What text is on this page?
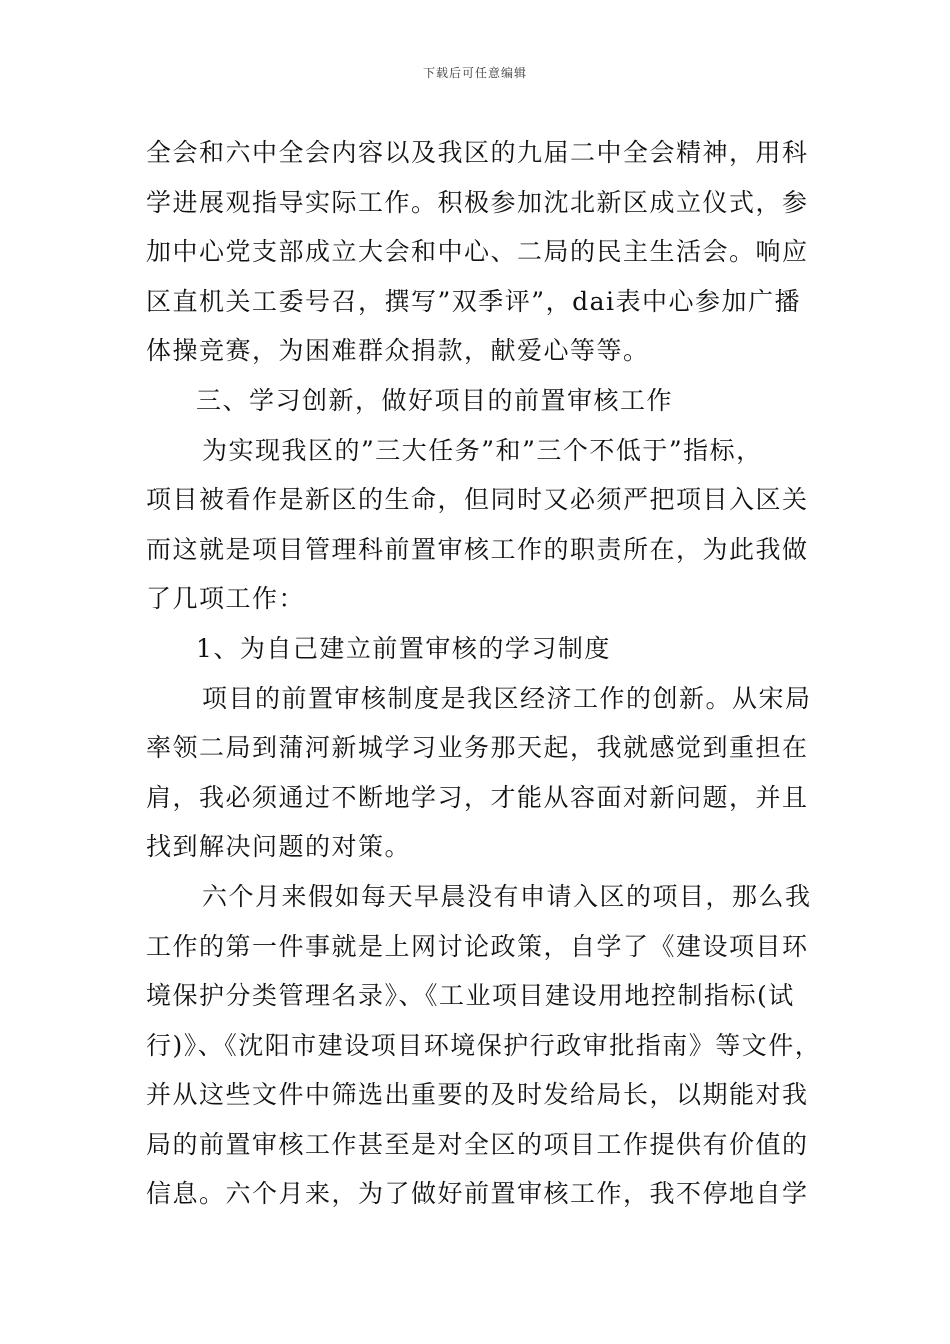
下载后可任意编辑
全会和六中全会内容以及我区的九届二中全会精神，用科
学进展观指导实际工作。积极参加沈北新区成立仪式，参
加中心党支部成立大会和中心、二局的民主生活会。响应
区直机关工委号召，撰写”双季评”，dai表中心参加广播
体操竞赛，为困难群众捐款，献爱心等等。
三、学习创新，做好项目的前置审核工作
为实现我区的”三大任务”和”三个不低于”指标，
项目被看作是新区的生命，但同时又必须严把项目入区关
而这就是项目管理科前置审核工作的职责所在，为此我做
了几项工作：
1、为自己建立前置审核的学习制度
项目的前置审核制度是我区经济工作的创新。从宋局
率领二局到蒲河新城学习业务那天起，我就感觉到重担在
肩，我必须通过不断地学习，才能从容面对新问题，并且
找到解决问题的对策。
六个月来假如每天早晨没有申请入区的项目，那么我
工作的第一件事就是上网讨论政策，自学了《建设项目环
境保护分类管理名录》、《工业项目建设用地控制指标(试
行)》、《沈阳市建设项目环境保护行政审批指南》等文件，
并从这些文件中筛选出重要的及时发给局长，以期能对我
局的前置审核工作甚至是对全区的项目工作提供有价值的
信息。六个月来，为了做好前置审核工作，我不停地自学
